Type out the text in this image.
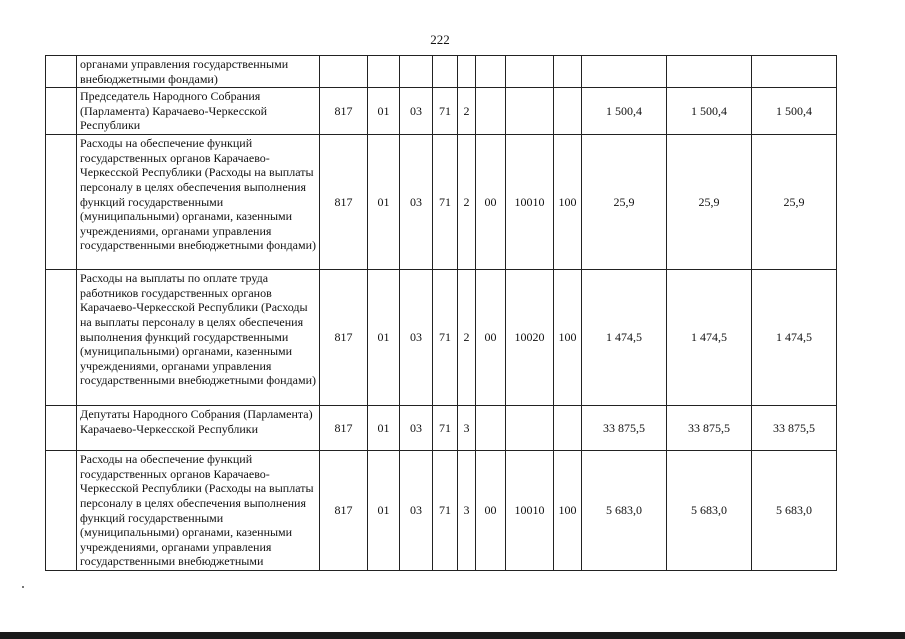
222
	органами управления государственными внебюджетными фондами)											
	Председатель Народного Собрания (Парламента) Карачаево-Черкесской Республики	817	01	03	71	2				1 500,4	1 500,4	1 500,4
	Расходы на обеспечение функций государственных органов Карачаево-Черкесской Республики (Расходы на выплаты персоналу в целях обеспечения выполнения функций государственными (муниципальными) органами, казенными учреждениями, органами управления государственными внебюджетными фондами)	817	01	03	71	2	00	10010	100	25,9	25,9	25,9
	Расходы на выплаты по оплате труда работников государственных органов Карачаево-Черкесской Республики (Расходы на выплаты персоналу в целях обеспечения выполнения функций государственными (муниципальными) органами, казенными учреждениями, органами управления государственными внебюджетными фондами)	817	01	03	71	2	00	10020	100	1 474,5	1 474,5	1 474,5
	Депутаты Народного Собрания (Парламента) Карачаево-Черкесской Республики	817	01	03	71	3				33 875,5	33 875,5	33 875,5
	Расходы на обеспечение функций государственных органов Карачаево-Черкесской Республики (Расходы на выплаты персоналу в целях обеспечения выполнения функций государственными (муниципальными) органами, казенными учреждениями, органами управления государственными внебюджетными	817	01	03	71	3	00	10010	100	5 683,0	5 683,0	5 683,0
